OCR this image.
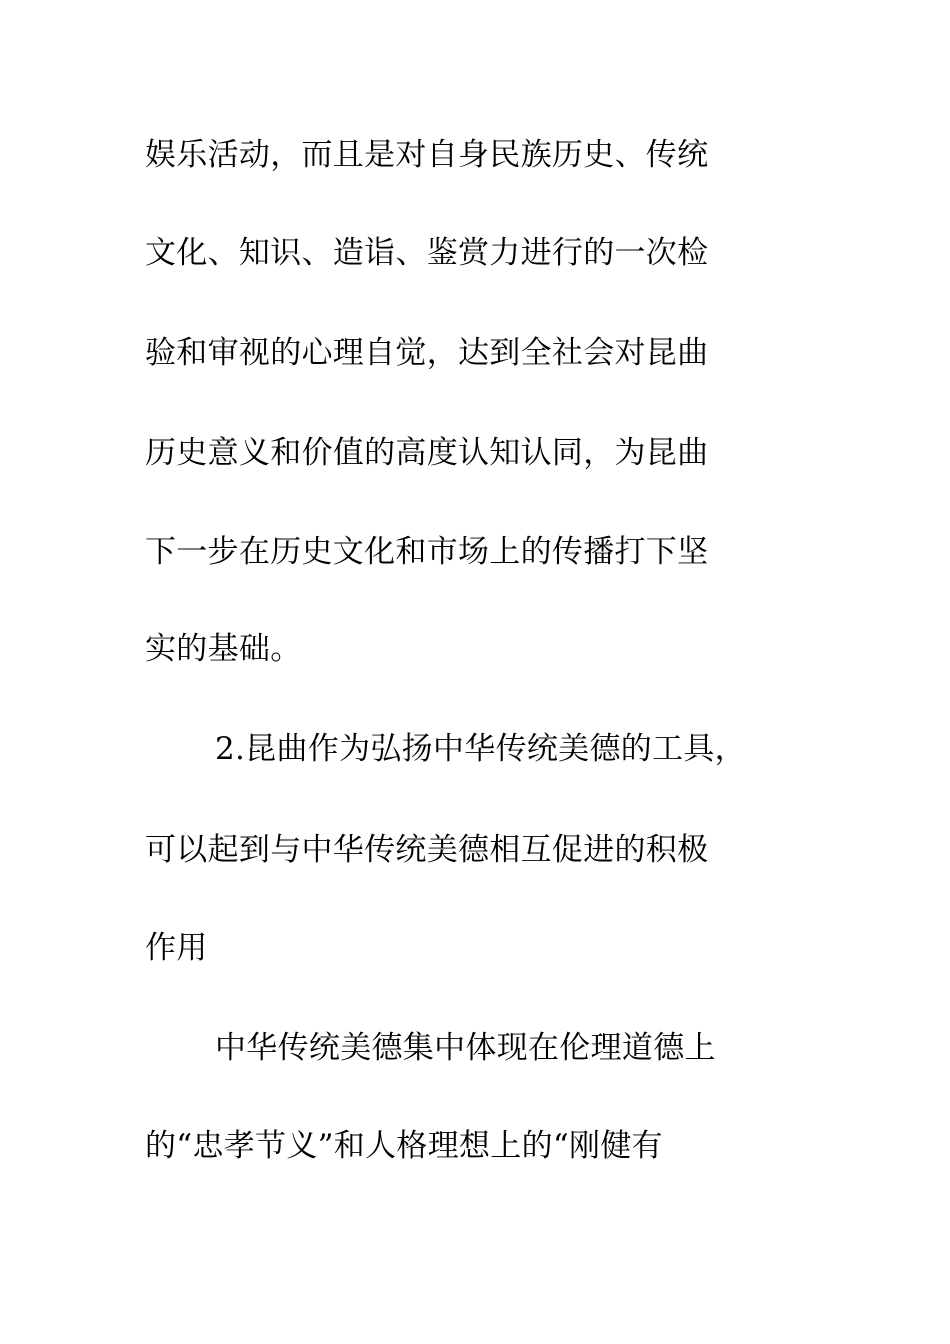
娱乐活动，而且是对自身民族历史、传统
文化、知识、造诣、鉴赏力进行的一次检
验和审视的心理自觉，达到全社会对昆曲
历史意义和价值的高度认知认同，为昆曲
下一步在历史文化和市场上的传播打下坚
实的基础。
2.昆曲作为弘扬中华传统美德的工具，
可以起到与中华传统美德相互促进的积极
作用
中华传统美德集中体现在伦理道德上
的“忠孝节义”和人格理想上的“刚健有
